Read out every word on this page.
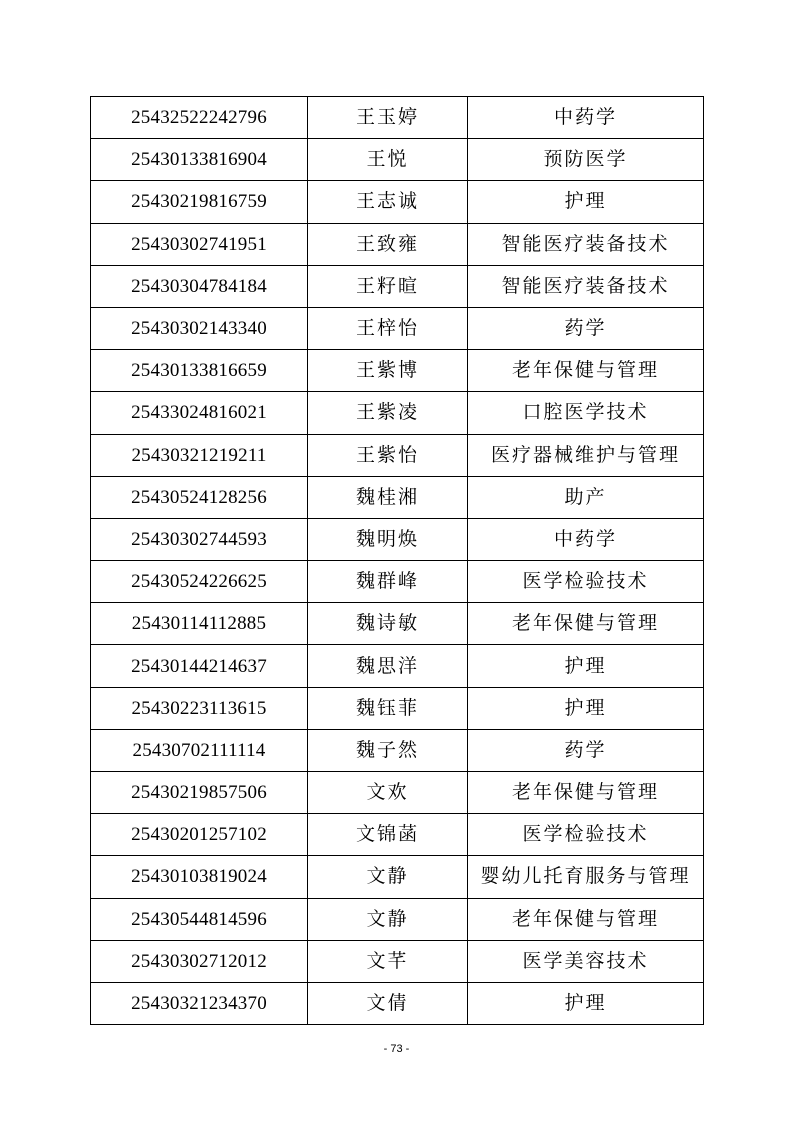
25432522242796	王玉婷	中药学
25430133816904	王悦	预防医学
25430219816759	王志诚	护理
25430302741951	王致雍	智能医疗装备技术
25430304784184	王籽暄	智能医疗装备技术
25430302143340	王梓怡	药学
25430133816659	王紫博	老年保健与管理
25433024816021	王紫凌	口腔医学技术
25430321219211	王紫怡	医疗器械维护与管理
25430524128256	魏桂湘	助产
25430302744593	魏明焕	中药学
25430524226625	魏群峰	医学检验技术
25430114112885	魏诗敏	老年保健与管理
25430144214637	魏思洋	护理
25430223113615	魏钰菲	护理
25430702111114	魏子然	药学
25430219857506	文欢	老年保健与管理
25430201257102	文锦菡	医学检验技术
25430103819024	文静	婴幼儿托育服务与管理
25430544814596	文静	老年保健与管理
25430302712012	文芊	医学美容技术
25430321234370	文倩	护理
- 73 -
